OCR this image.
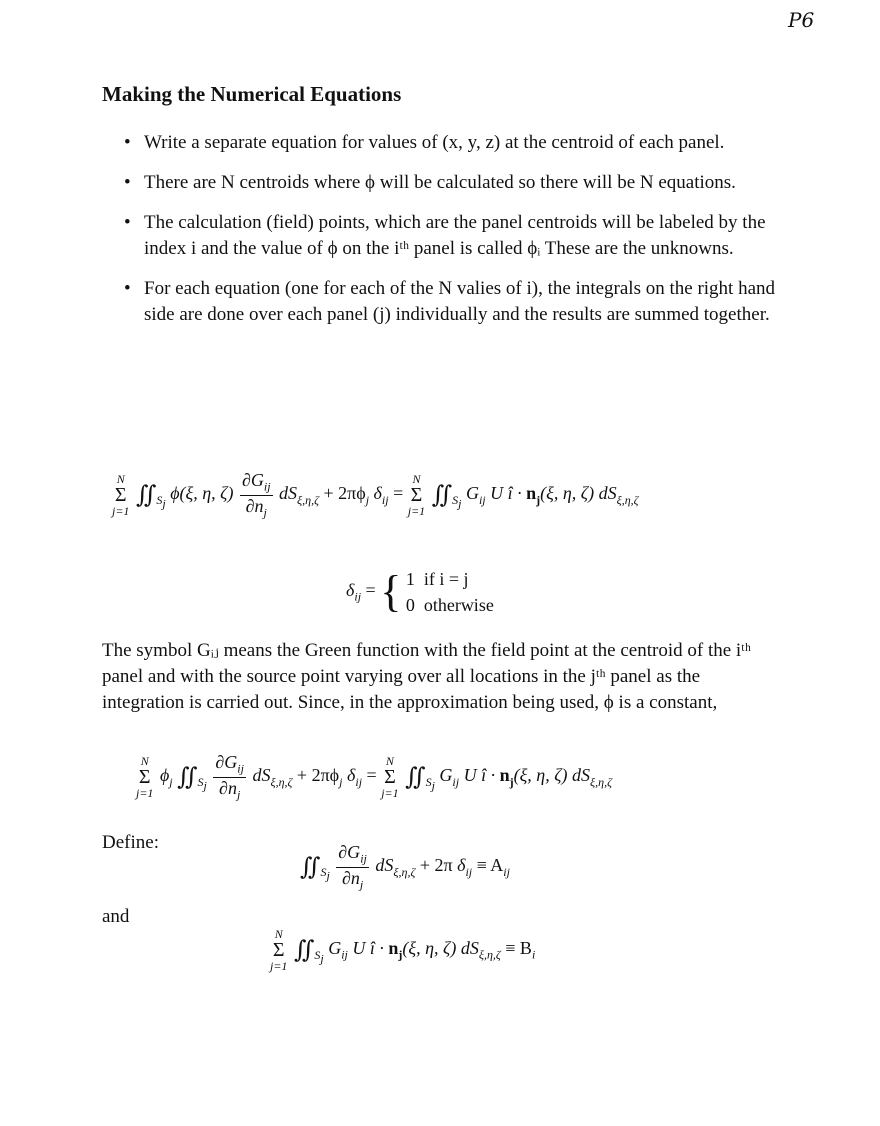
P6
Making the Numerical Equations
• Write a separate equation for values of (x, y, z) at the centroid of each panel.
• There are N centroids where ϕ will be calculated so there will be N equations.
• The calculation (field) points, which are the panel centroids will be labeled by the index i and the value of ϕ on the iᵗʰ panel is called ϕᵢ These are the unknowns.
• For each equation (one for each of the N valies of i), the integrals on the right hand side are done over each panel (j) individually and the results are summed together.
N
Σ
j=1
$∬_{S_j}$ ϕ(ξ, η, $\zeta) \frac{\partial G_{ij}}{\partial n_j} dS_{\xi,\eta,\zeta} + 2\pi\phi_j$ $\delta_{ij}$ =
N
Σ
j=1
$∬_{S_j}$ $G_{ij}$ U î · $n_j(\xi$, η, ζ) $dS_{\xi,\eta,\zeta}$
$\delta_{ij}$ = { 1 if i = j
0 otherwise

The symbol Gᵢⱼ means the Green function with the field point at the centroid of the iᵗʰ panel and with the source point varying over all locations in the jᵗʰ panel as the integration is carried out. Since, in the approximation being used, ϕ is a constant,

N
Σ
j=1
$\phi_j$ $∬_{S_j} \frac{\partial G_{ij}}{\partial n_j} dS_{\xi,\eta,\zeta} + 2\pi\phi_j$ $\delta_{ij}$ =
N
Σ
j=1
$∬_{S_j}$ $G_{ij}$ U î · $n_j(\xi$, η, ζ) $dS_{\xi,\eta,\zeta}$

Define:

$∬_{S_j} \frac{\partial G_{ij}}{\partial n_j} dS_{\xi,\eta,\zeta} + 2\pi$ $\delta_{ij} \equiv A_{ij}$

and

N
Σ
j=1
$∬_{S_j}$ $G_{ij}$ U î · $n_j(\xi$, η, ζ) $dS_{\xi,\eta,\zeta} \equiv B_i$
